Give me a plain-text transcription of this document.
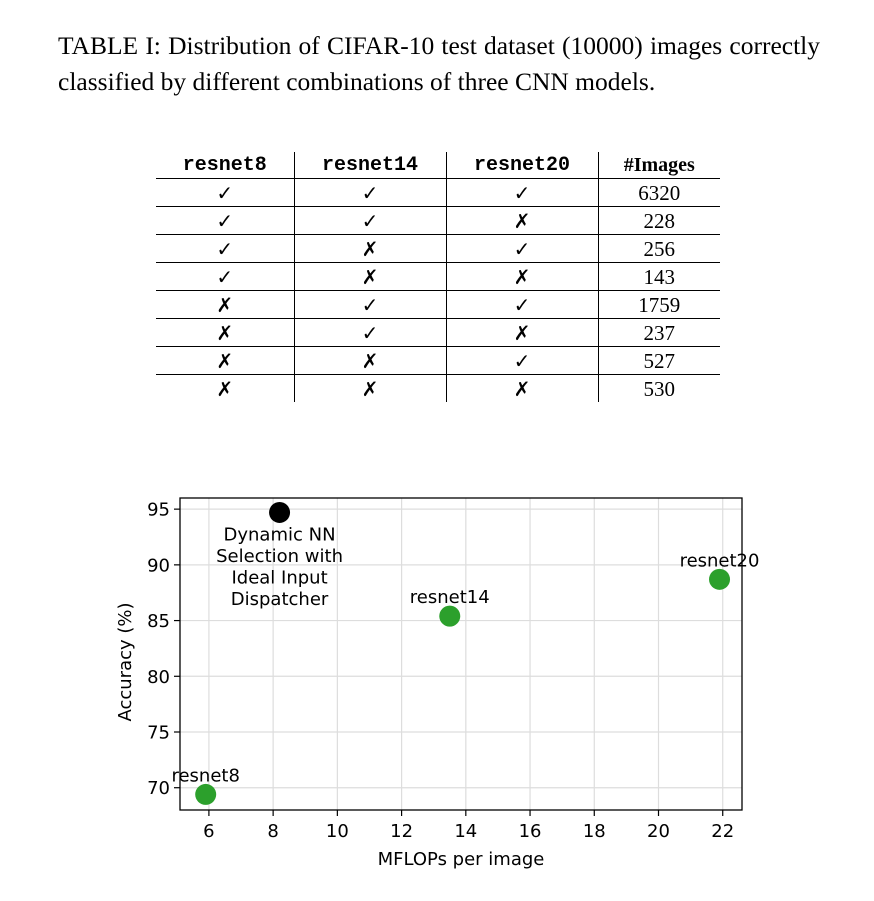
TABLE I: Distribution of CIFAR-10 test dataset (10000) images correctly classified by different combinations of three CNN models.
resnet8	resnet14	resnet20	#Images
✓	✓	✓	6320
✓	✓	✗	228
✓	✗	✓	256
✓	✗	✗	143
✗	✓	✓	1759
✗	✓	✗	237
✗	✗	✓	527
✗	✗	✗	530
6	8	10 12 14 16 18 20 22
70
75
80
85
90
95
resnet8
resnet14
resnet20
Dynamic NN
Selection with
Ideal Input
Dispatcher
MFLOPs per image
Accuracy (%)
